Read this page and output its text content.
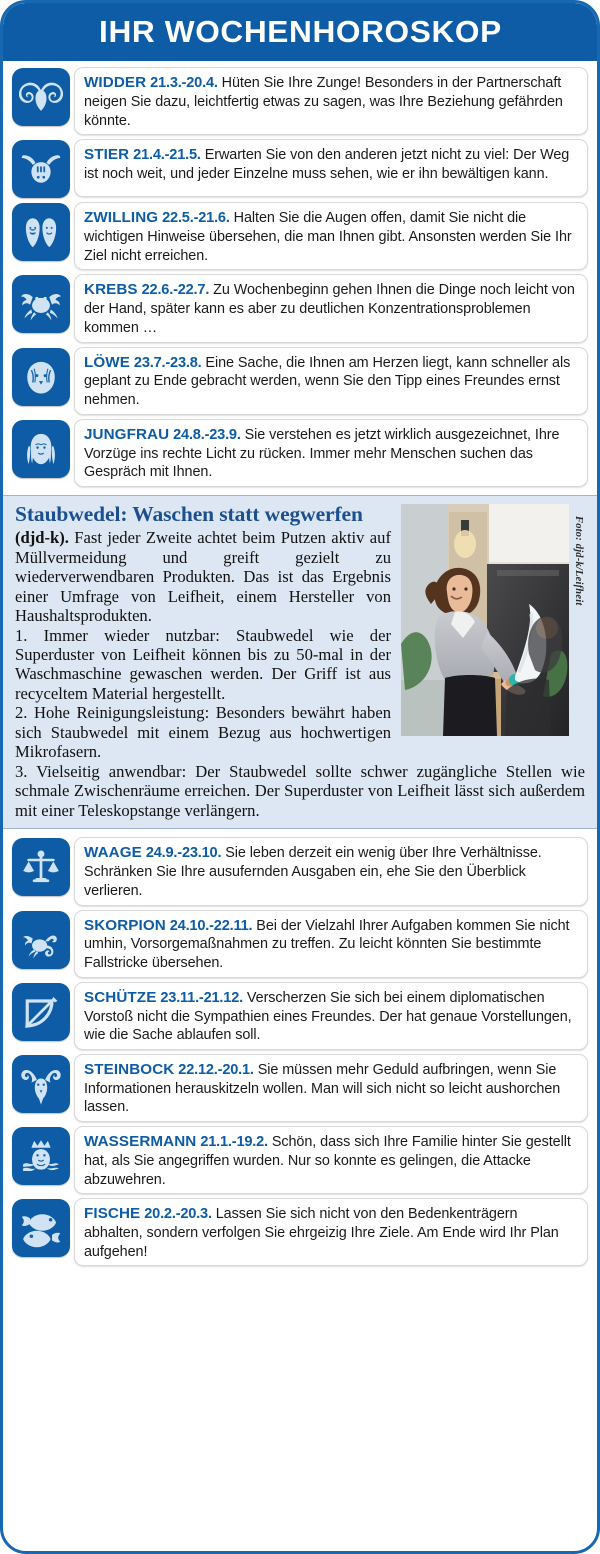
IHR WOCHENHOROSKOP
WIDDER 21.3.-20.4. Hüten Sie Ihre Zunge! Besonders in der Partnerschaft neigen Sie dazu, leichtfertig etwas zu sagen, was Ihre Beziehung gefährden könnte.
STIER 21.4.-21.5. Erwarten Sie von den anderen jetzt nicht zu viel: Der Weg ist noch weit, und jeder Einzelne muss sehen, wie er ihn bewältigen kann.
ZWILLING 22.5.-21.6. Halten Sie die Augen offen, damit Sie nicht die wichtigen Hinweise übersehen, die man Ihnen gibt. Ansonsten werden Sie Ihr Ziel nicht erreichen.
KREBS 22.6.-22.7. Zu Wochenbeginn gehen Ihnen die Dinge noch leicht von der Hand, später kann es aber zu deutlichen Konzentrationsproblemen kommen …
LÖWE 23.7.-23.8. Eine Sache, die Ihnen am Herzen liegt, kann schneller als geplant zu Ende gebracht werden, wenn Sie den Tipp eines Freundes ernst nehmen.
JUNGFRAU 24.8.-23.9. Sie verstehen es jetzt wirklich ausgezeichnet, Ihre Vorzüge ins rechte Licht zu rücken. Immer mehr Menschen suchen das Gespräch mit Ihnen.
Foto: djd-k/Leifheit
Staubwedel: Waschen statt wegwerfen

(djd-k). Fast jeder Zweite achtet beim Putzen aktiv auf Müllvermeidung und greift gezielt zu wiederverwendbaren Produkten. Das ist das Ergebnis einer Umfrage von Leifheit, einem Hersteller von Haushaltsprodukten.

1. Immer wieder nutzbar: Staubwedel wie der Superduster von Leifheit können bis zu 50-mal in der Waschmaschine gewaschen werden. Der Griff ist aus recyceltem Material hergestellt.

2. Hohe Reinigungsleistung: Besonders bewährt haben sich Staubwedel mit einem Bezug aus hochwertigen Mikrofasern.

3. Vielseitig anwendbar: Der Staubwedel sollte schwer zugängliche Stellen wie schmale Zwischenräume erreichen. Der Superduster von Leifheit lässt sich außerdem mit einer Teleskopstange verlängern.

WAAGE 24.9.-23.10. Sie leben derzeit ein wenig über Ihre Verhältnisse. Schränken Sie Ihre ausufernden Ausgaben ein, ehe Sie den Überblick verlieren.
SKORPION 24.10.-22.11. Bei der Vielzahl Ihrer Aufgaben kommen Sie nicht umhin, Vorsorgemaßnahmen zu treffen. Zu leicht könnten Sie bestimmte Fallstricke übersehen.
SCHÜTZE 23.11.-21.12. Verscherzen Sie sich bei einem diplomatischen Vorstoß nicht die Sympathien eines Freundes. Der hat genaue Vorstellungen, wie die Sache ablaufen soll.
STEINBOCK 22.12.-20.1. Sie müssen mehr Geduld aufbringen, wenn Sie Informationen herauskitzeln wollen. Man will sich nicht so leicht aushorchen lassen.
WASSERMANN 21.1.-19.2. Schön, dass sich Ihre Familie hinter Sie gestellt hat, als Sie angegriffen wurden. Nur so konnte es gelingen, die Attacke abzuwehren.
FISCHE 20.2.-20.3. Lassen Sie sich nicht von den Bedenkenträgern abhalten, sondern verfolgen Sie ehrgeizig Ihre Ziele. Am Ende wird Ihr Plan aufgehen!
